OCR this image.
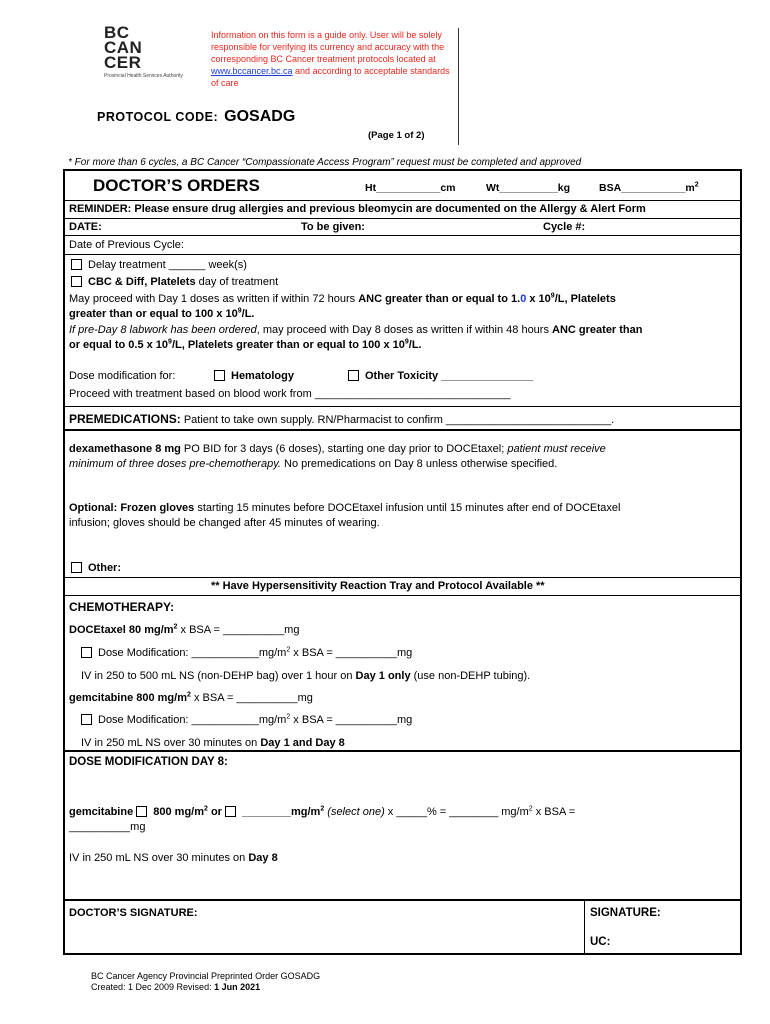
BC
CAN
CER
Provincial Health Services Authority
Information on this form is a guide only. User will be solely responsible for verifying its currency and accuracy with the corresponding BC Cancer treatment protocols located at www.bccancer.bc.ca and according to acceptable standards of care
PROTOCOL CODE: GOSADG
(Page 1 of 2)
* For more than 6 cycles, a BC Cancer “Compassionate Access Program” request must be completed and approved
DOCTOR’S ORDERS	Ht___________cm	Wt__________kg	$BSA\_\_\_\_\_\_\_\_\_\_\_m^2$
REMINDER: Please ensure drug allergies and previous bleomycin are documented on the Allergy & Alert Form
DATE:	To be given:	Cycle #:
Date of Previous Cycle:
Delay treatment ______ week(s)
CBC & Diff, Platelets day of treatment
May proceed with Day 1 doses as written if within 72 hours ANC greater than or equal to 1.0 x $10^9/L$, Platelets
greater than or equal to 100 x $10^9/L$.
If pre-Day 8 labwork has been ordered, may proceed with Day 8 doses as written if within 48 hours ANC greater than
or equal to 0.5 x $10^9/L$, Platelets greater than or equal to 100 x $10^9/L$.
Dose modification for:	Hematology	Other Toxicity _______________
Proceed with treatment based on blood work from ________________________________
PREMEDICATIONS: Patient to take own supply. RN/Pharmacist to confirm ___________________________.
dexamethasone 8 mg PO BID for 3 days (6 doses), starting one day prior to DOCEtaxel; patient must receive
minimum of three doses pre-chemotherapy. No premedications on Day 8 unless otherwise specified.
Optional: Frozen gloves starting 15 minutes before DOCEtaxel infusion until 15 minutes after end of DOCEtaxel
infusion; gloves should be changed after 45 minutes of wearing.
Other:
** Have Hypersensitivity Reaction Tray and Protocol Available **
CHEMOTHERAPY:
DOCEtaxel 80 $mg/m^2$ x BSA = __________mg
Dose Modification: $\_\_\_\_\_\_\_\_\_\_\_mg/m^2$ x BSA = __________mg
IV in 250 to 500 mL NS (non-DEHP bag) over 1 hour on Day 1 only (use non-DEHP tubing).
gemcitabine 800 $mg/m^2$ x BSA = __________mg
Dose Modification: $\_\_\_\_\_\_\_\_\_\_\_mg/m^2$ x BSA = __________mg
IV in 250 mL NS over 30 minutes on Day 1 and Day 8
DOSE MODIFICATION DAY 8:
gemcitabine 800 $mg/m^2$ or $\_\_\_\_\_\_\_\_mg/m^2$ (select one) x _____% = ________ $mg/m^2$ x BSA =
__________mg
IV in 250 mL NS over 30 minutes on Day 8
DOCTOR’S SIGNATURE:	SIGNATURE:
UC:
BC Cancer Agency Provincial Preprinted Order GOSADG
Created: 1 Dec 2009 Revised: 1 Jun 2021
